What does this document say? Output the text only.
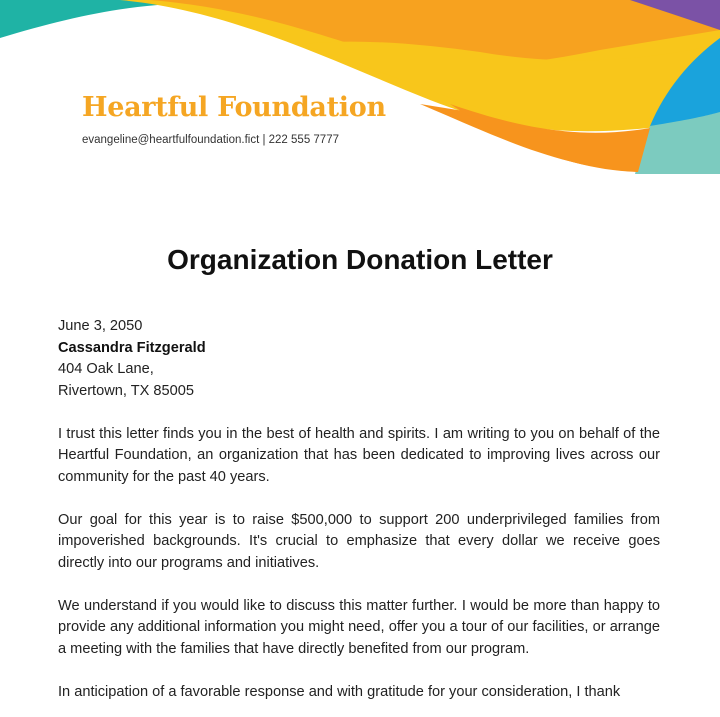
Heartful Foundation
evangeline@heartfulfoundation.fict | 222 555 7777
Organization Donation Letter
June 3, 2050
Cassandra Fitzgerald
404 Oak Lane,
Rivertown, TX 85005

I trust this letter finds you in the best of health and spirits. I am writing to you on behalf of the Heartful Foundation, an organization that has been dedicated to improving lives across our community for the past 40 years.

Our goal for this year is to raise $500,000 to support 200 underprivileged families from impoverished backgrounds. It's crucial to emphasize that every dollar we receive goes directly into our programs and initiatives.

We understand if you would like to discuss this matter further. I would be more than happy to provide any additional information you might need, offer you a tour of our facilities, or arrange a meeting with the families that have directly benefited from our program.

In anticipation of a favorable response and with gratitude for your consideration, I thank
